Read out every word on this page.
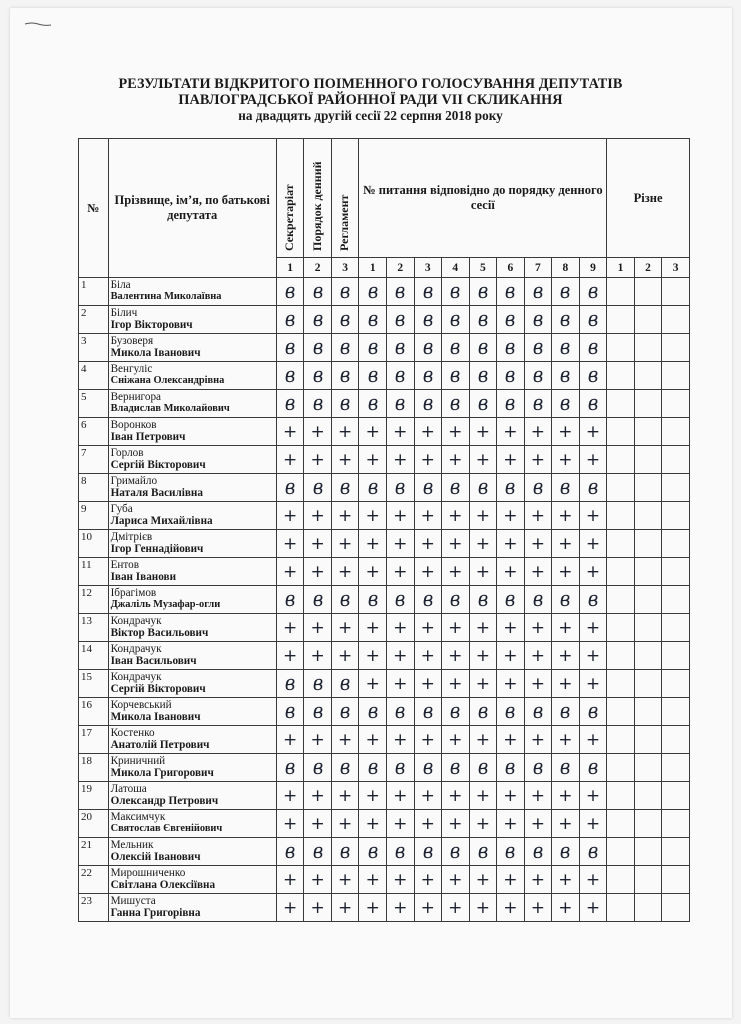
РЕЗУЛЬТАТИ ВІДКРИТОГО ПОІМЕННОГО ГОЛОСУВАННЯ ДЕПУТАТІВ
ПАВЛОГРАДСЬКОЇ РАЙОННОЇ РАДИ VII СКЛИКАННЯ
на двадцять другій сесії 22 серпня 2018 року
№	Прізвище, ім’я, по батькові депутата	Секретаріат	Порядок денний	Регламент	№ питання відповідно до порядку денного сесії									Різне		
		1	2	3	1	2	3	4	5	6	7	8	9	1	2	3
1	Біла
Валентина Миколаївна	в	в	в	в	в	в	в	в	в	в	в	в			
2	Білич
Ігор Вікторович	в	в	в	в	в	в	в	в	в	в	в	в			
3	Бузоверя
Микола Іванович	в	в	в	в	в	в	в	в	в	в	в	в			
4	Венгуліс
Сніжана Олександрівна	в	в	в	в	в	в	в	в	в	в	в	в			
5	Вернигора
Владислав Миколайович	в	в	в	в	в	в	в	в	в	в	в	в			
6	Воронков
Іван Петрович	+	+	+	+	+	+	+	+	+	+	+	+			
7	Горлов
Сергій Вікторович	+	+	+	+	+	+	+	+	+	+	+	+			
8	Гримайло
Наталя Василівна	в	в	в	в	в	в	в	в	в	в	в	в			
9	Губа
Лариса Михайлівна	+	+	+	+	+	+	+	+	+	+	+	+			
10	Дмітрієв
Ігор Геннадійович	+	+	+	+	+	+	+	+	+	+	+	+			
11	Ентов
Іван Іванови	+	+	+	+	+	+	+	+	+	+	+	+			
12	Ібрагімов
Джаліль Музафар-огли	в	в	в	в	в	в	в	в	в	в	в	в			
13	Кондрачук
Віктор Васильович	+	+	+	+	+	+	+	+	+	+	+	+			
14	Кондрачук
Іван Васильович	+	+	+	+	+	+	+	+	+	+	+	+			
15	Кондрачук
Сергій Вікторович	в	в	в	+	+	+	+	+	+	+	+	+			
16	Корчевський
Микола Іванович	в	в	в	в	в	в	в	в	в	в	в	в			
17	Костенко
Анатолій Петрович	+	+	+	+	+	+	+	+	+	+	+	+			
18	Криничний
Микола Григорович	в	в	в	в	в	в	в	в	в	в	в	в			
19	Латоша
Олександр Петрович	+	+	+	+	+	+	+	+	+	+	+	+			
20	Максимчук
Святослав Євгенійович	+	+	+	+	+	+	+	+	+	+	+	+			
21	Мельник
Олексій Іванович	в	в	в	в	в	в	в	в	в	в	в	в			
22	Мирошниченко
Світлана Олексіївна	+	+	+	+	+	+	+	+	+	+	+	+			
23	Мишуста
Ганна Григорівна	+	+	+	+	+	+	+	+	+	+	+	+			
